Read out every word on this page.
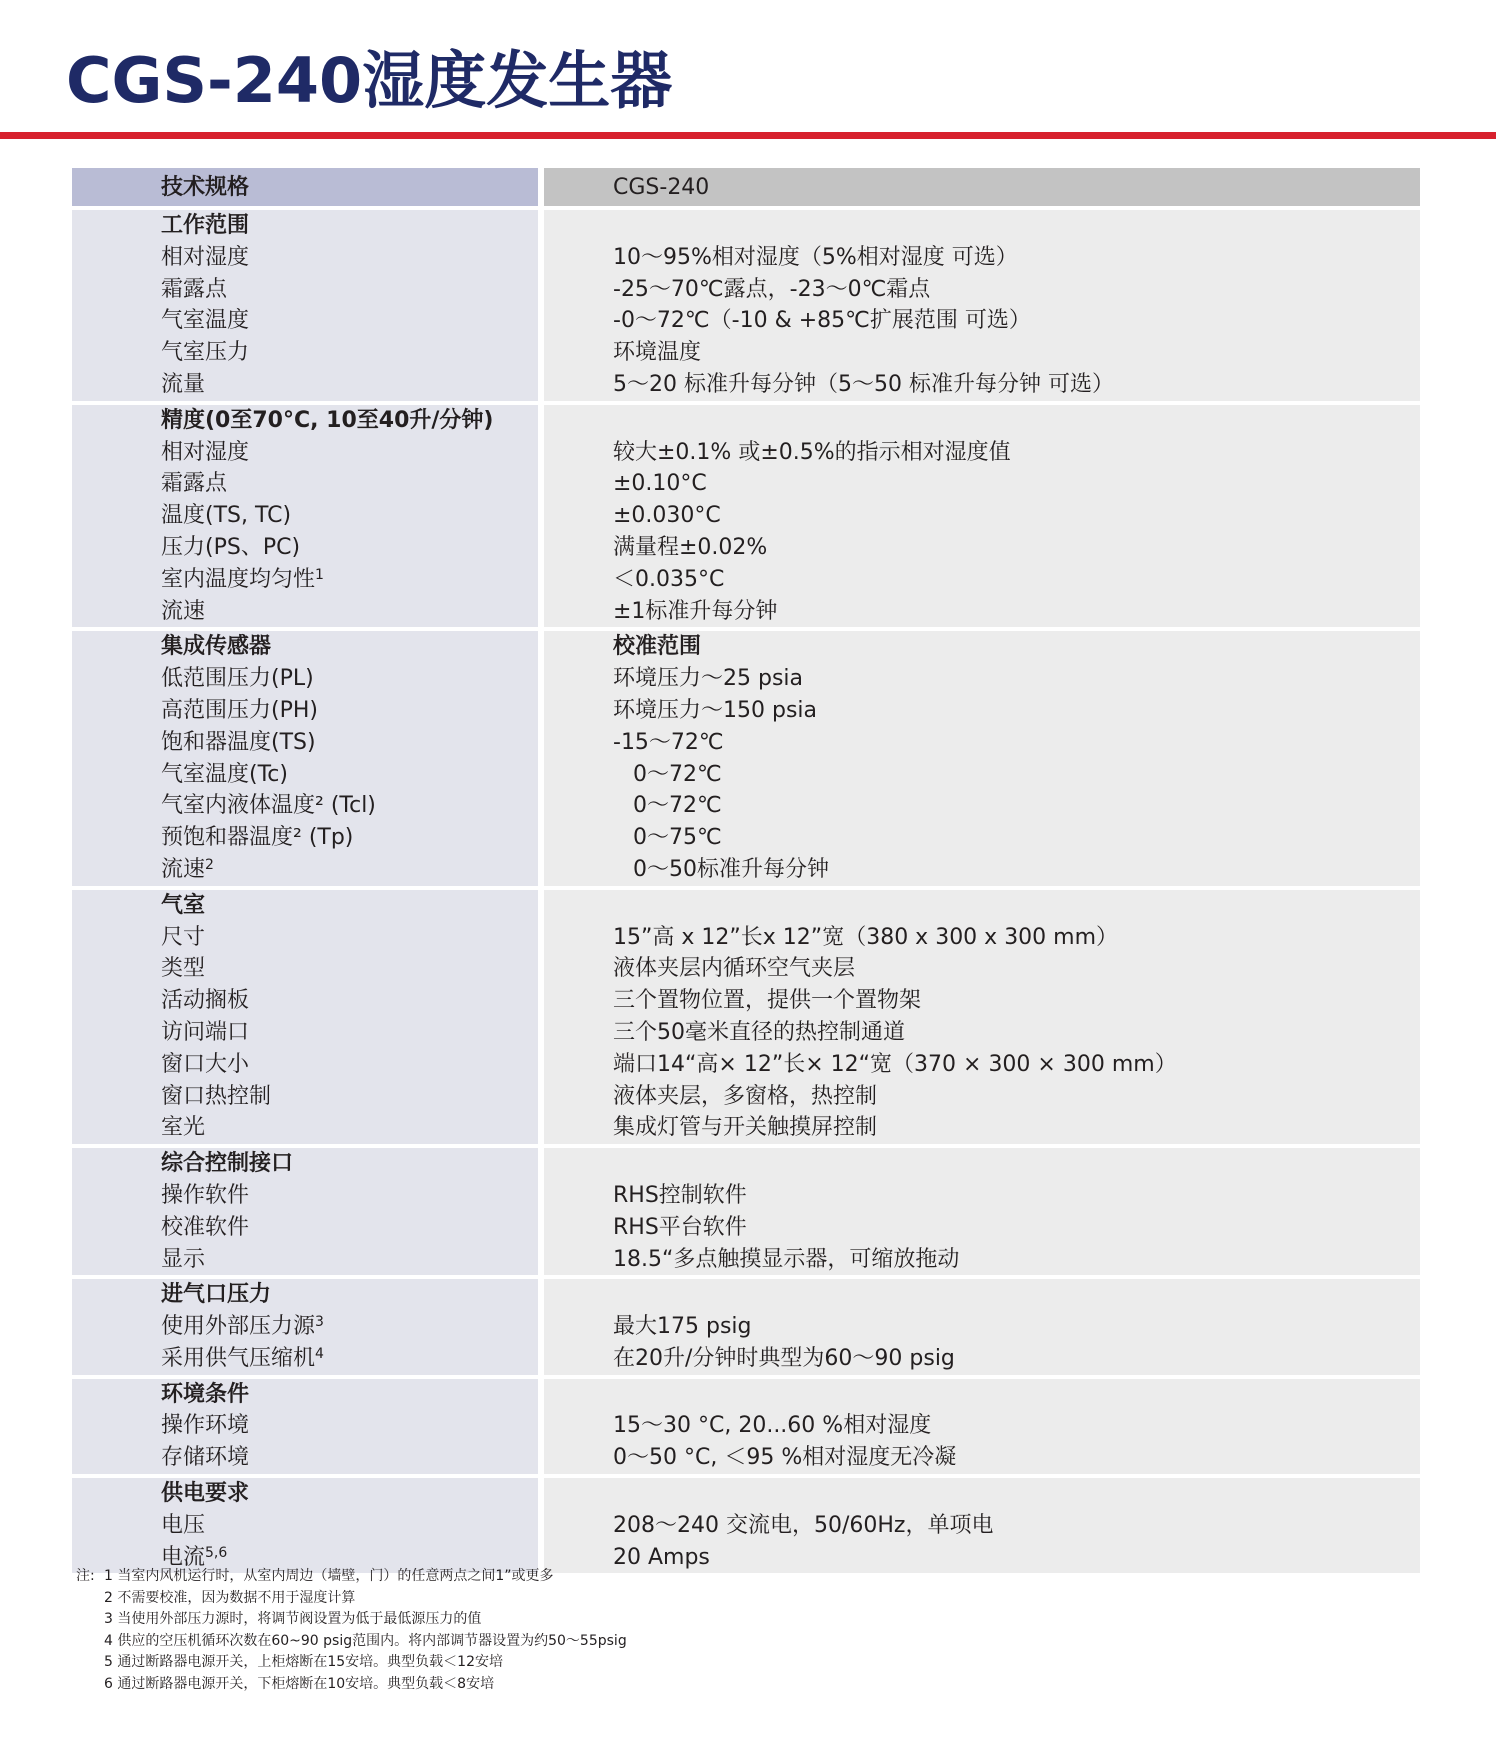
CGS-240湿度发生器
技术规格	CGS-240
工作范围
相对湿度
霜露点
气室温度
气室压力
流量
10～95%相对湿度（5%相对湿度 可选）
-25～70℃露点，-23～0℃霜点
-0～72℃（-10 & +85℃扩展范围 可选）
环境温度
5～20 标准升每分钟（5～50 标准升每分钟 可选）
精度(0至70°C, 10至40升/分钟)
相对湿度
霜露点
温度(TS, TC)
压力(PS、PC)
室内温度均匀性$^1$
流速
较大±0.1% 或±0.5%的指示相对湿度值
±0.10°C
±0.030°C
满量程±0.02%
＜0.035°C
±1标准升每分钟
集成传感器
低范围压力(PL)
高范围压力(PH)
饱和器温度(TS)
气室温度(Tc)
气室内液体温度² (Tcl)
预饱和器温度² (Tp)
流速$^2$
校准范围
环境压力～25 psia
环境压力～150 psia
-15～72℃
0～72℃
0～72℃
0～75℃
0～50标准升每分钟
气室
尺寸
类型
活动搁板
访问端口
窗口大小
窗口热控制
室光
15”高 x 12”长x 12”宽（380 x 300 x 300 mm）
液体夹层内循环空气夹层
三个置物位置，提供一个置物架
三个50毫米直径的热控制通道
端口14“高× 12”长× 12“宽（370 × 300 × 300 mm）
液体夹层，多窗格，热控制
集成灯管与开关触摸屏控制
综合控制接口
操作软件
校准软件
显示
RHS控制软件
RHS平台软件
18.5“多点触摸显示器，可缩放拖动
进气口压力
使用外部压力源$^3$
采用供气压缩机$^4$
最大175 psig
在20升/分钟时典型为60～90 psig
环境条件
操作环境
存储环境
15～30 °C, 20...60 %相对湿度
0～50 °C, ＜95 %相对湿度无冷凝
供电要求
电压
电流$^{5,6}$
208～240 交流电，50/60Hz，单项电
20 Amps
注: 1 当室内风机运行时，从室内周边（墙壁，门）的任意两点之间1”或更多
2 不需要校准，因为数据不用于湿度计算
3 当使用外部压力源时，将调节阀设置为低于最低源压力的值
4 供应的空压机循环次数在60~90 psig范围内。将内部调节器设置为约50～55psig
5 通过断路器电源开关，上柜熔断在15安培。典型负载＜12安培
6 通过断路器电源开关，下柜熔断在10安培。典型负载＜8安培
